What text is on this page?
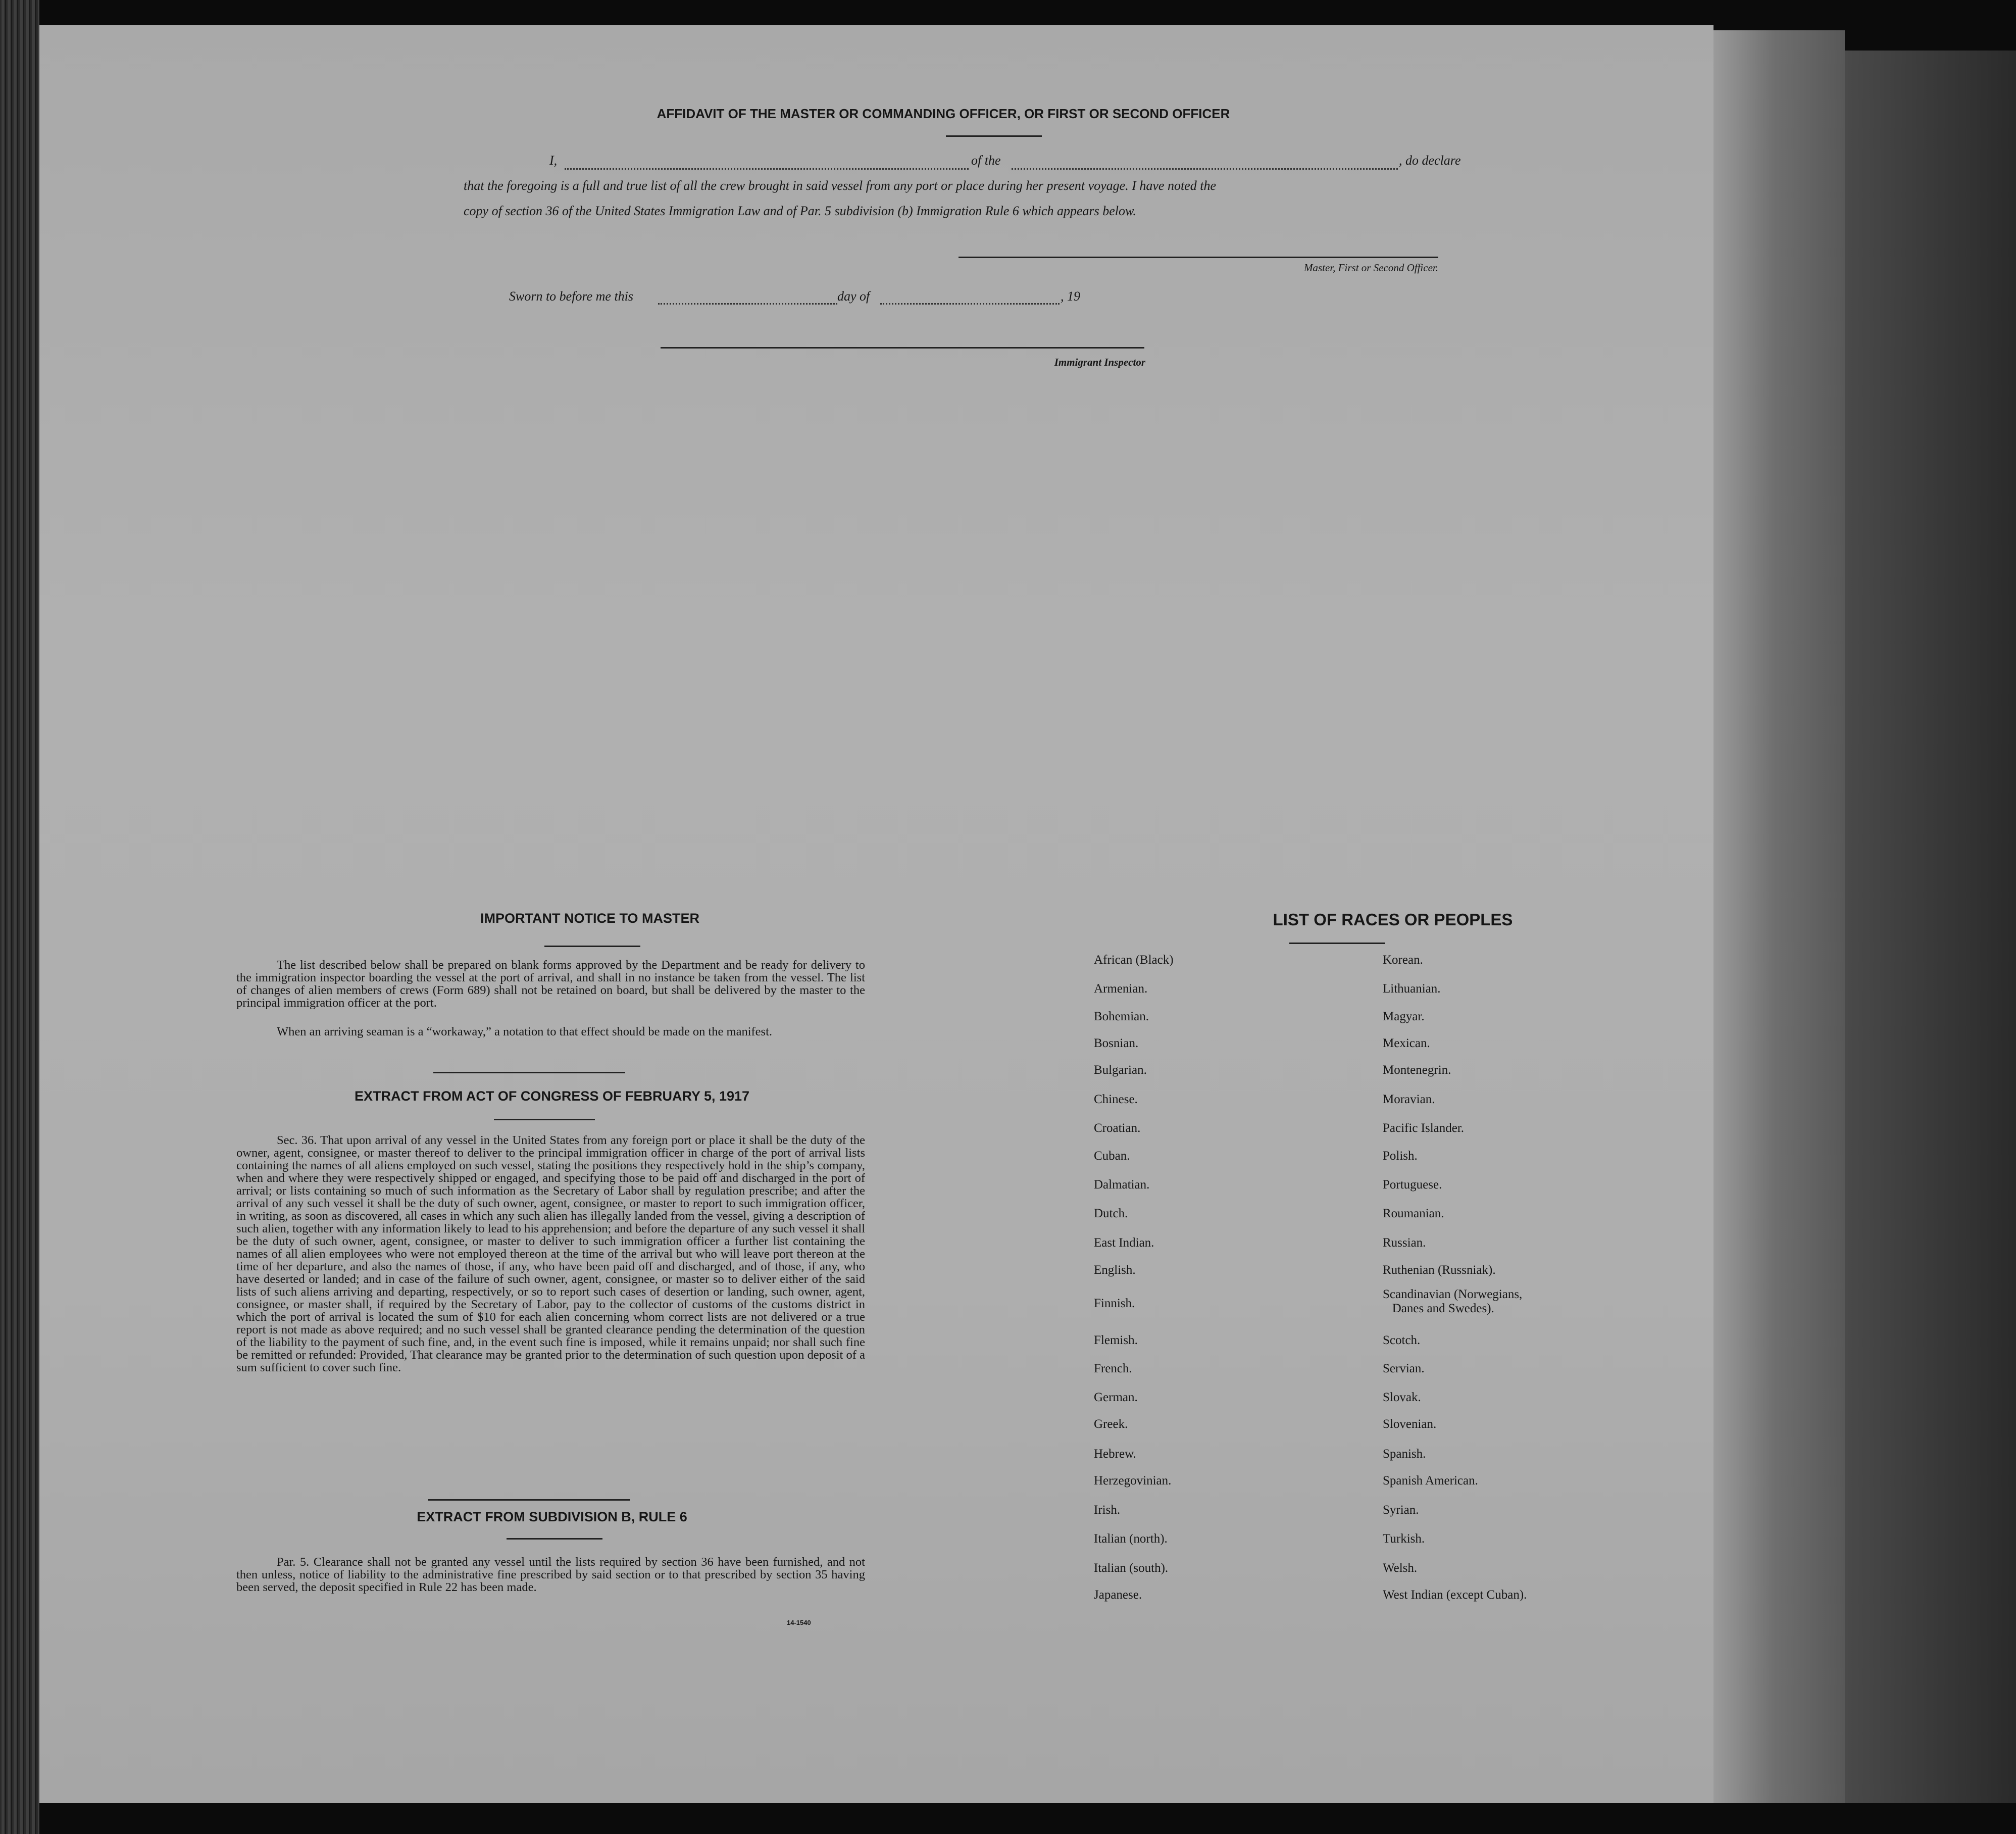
AFFIDAVIT OF THE MASTER OR COMMANDING OFFICER, OR FIRST OR SECOND OFFICER
I,	of the	, do declare
that the foregoing is a full and true list of all the crew brought in said vessel from any port or place during her present voyage. I have noted the
copy of section 36 of the United States Immigration Law and of Par. 5 subdivision (b) Immigration Rule 6 which appears below.
Master, First or Second Officer.
Sworn to before me this	day of	, 19
Immigrant Inspector
IMPORTANT NOTICE TO MASTER
The list described below shall be prepared on blank forms approved by the Department and be ready for delivery to the immigration inspector boarding the vessel at the port of arrival, and shall in no instance be taken from the vessel. The list of changes of alien members of crews (Form 689) shall not be retained on board, but shall be delivered by the master to the principal immigration officer at the port.
When an arriving seaman is a “workaway,” a notation to that effect should be made on the manifest.
EXTRACT FROM ACT OF CONGRESS OF FEBRUARY 5, 1917
Sec. 36. That upon arrival of any vessel in the United States from any foreign port or place it shall be the duty of the owner, agent, consignee, or master thereof to deliver to the principal immigration officer in charge of the port of arrival lists containing the names of all aliens employed on such vessel, stating the positions they respectively hold in the ship’s company, when and where they were respectively shipped or engaged, and specifying those to be paid off and discharged in the port of arrival; or lists containing so much of such information as the Secretary of Labor shall by regulation prescribe; and after the arrival of any such vessel it shall be the duty of such owner, agent, consignee, or master to report to such immigration officer, in writing, as soon as discovered, all cases in which any such alien has illegally landed from the vessel, giving a description of such alien, together with any information likely to lead to his apprehension; and before the departure of any such vessel it shall be the duty of such owner, agent, consignee, or master to deliver to such immigration officer a further list containing the names of all alien employees who were not employed thereon at the time of the arrival but who will leave port thereon at the time of her departure, and also the names of those, if any, who have been paid off and discharged, and of those, if any, who have deserted or landed; and in case of the failure of such owner, agent, consignee, or master so to deliver either of the said lists of such aliens arriving and departing, respectively, or so to report such cases of desertion or landing, such owner, agent, consignee, or master shall, if required by the Secretary of Labor, pay to the collector of customs of the customs district in which the port of arrival is located the sum of $10 for each alien concerning whom correct lists are not delivered or a true report is not made as above required; and no such vessel shall be granted clearance pending the determination of the question of the liability to the payment of such fine, and, in the event such fine is imposed, while it remains unpaid; nor shall such fine be remitted or refunded: Provided, That clearance may be granted prior to the determination of such question upon deposit of a sum sufficient to cover such fine.
EXTRACT FROM SUBDIVISION B, RULE 6
Par. 5. Clearance shall not be granted any vessel until the lists required by section 36 have been furnished, and not then unless, notice of liability to the administrative fine prescribed by said section or to that prescribed by section 35 having been served, the deposit specified in Rule 22 has been made.
14-1540
LIST OF RACES OR PEOPLES
African (Black)
Armenian.
Bohemian.
Bosnian.
Bulgarian.
Chinese.
Croatian.
Cuban.
Dalmatian.
Dutch.
East Indian.
English.
Finnish.
Flemish.
French.
German.
Greek.
Hebrew.
Herzegovinian.
Irish.
Italian (north).
Italian (south).
Japanese.
Korean.
Lithuanian.
Magyar.
Mexican.
Montenegrin.
Moravian.
Pacific Islander.
Polish.
Portuguese.
Roumanian.
Russian.
Ruthenian (Russniak).
Scandinavian (Norwegians,
Danes and Swedes).
Scotch.
Servian.
Slovak.
Slovenian.
Spanish.
Spanish American.
Syrian.
Turkish.
Welsh.
West Indian (except Cuban).
